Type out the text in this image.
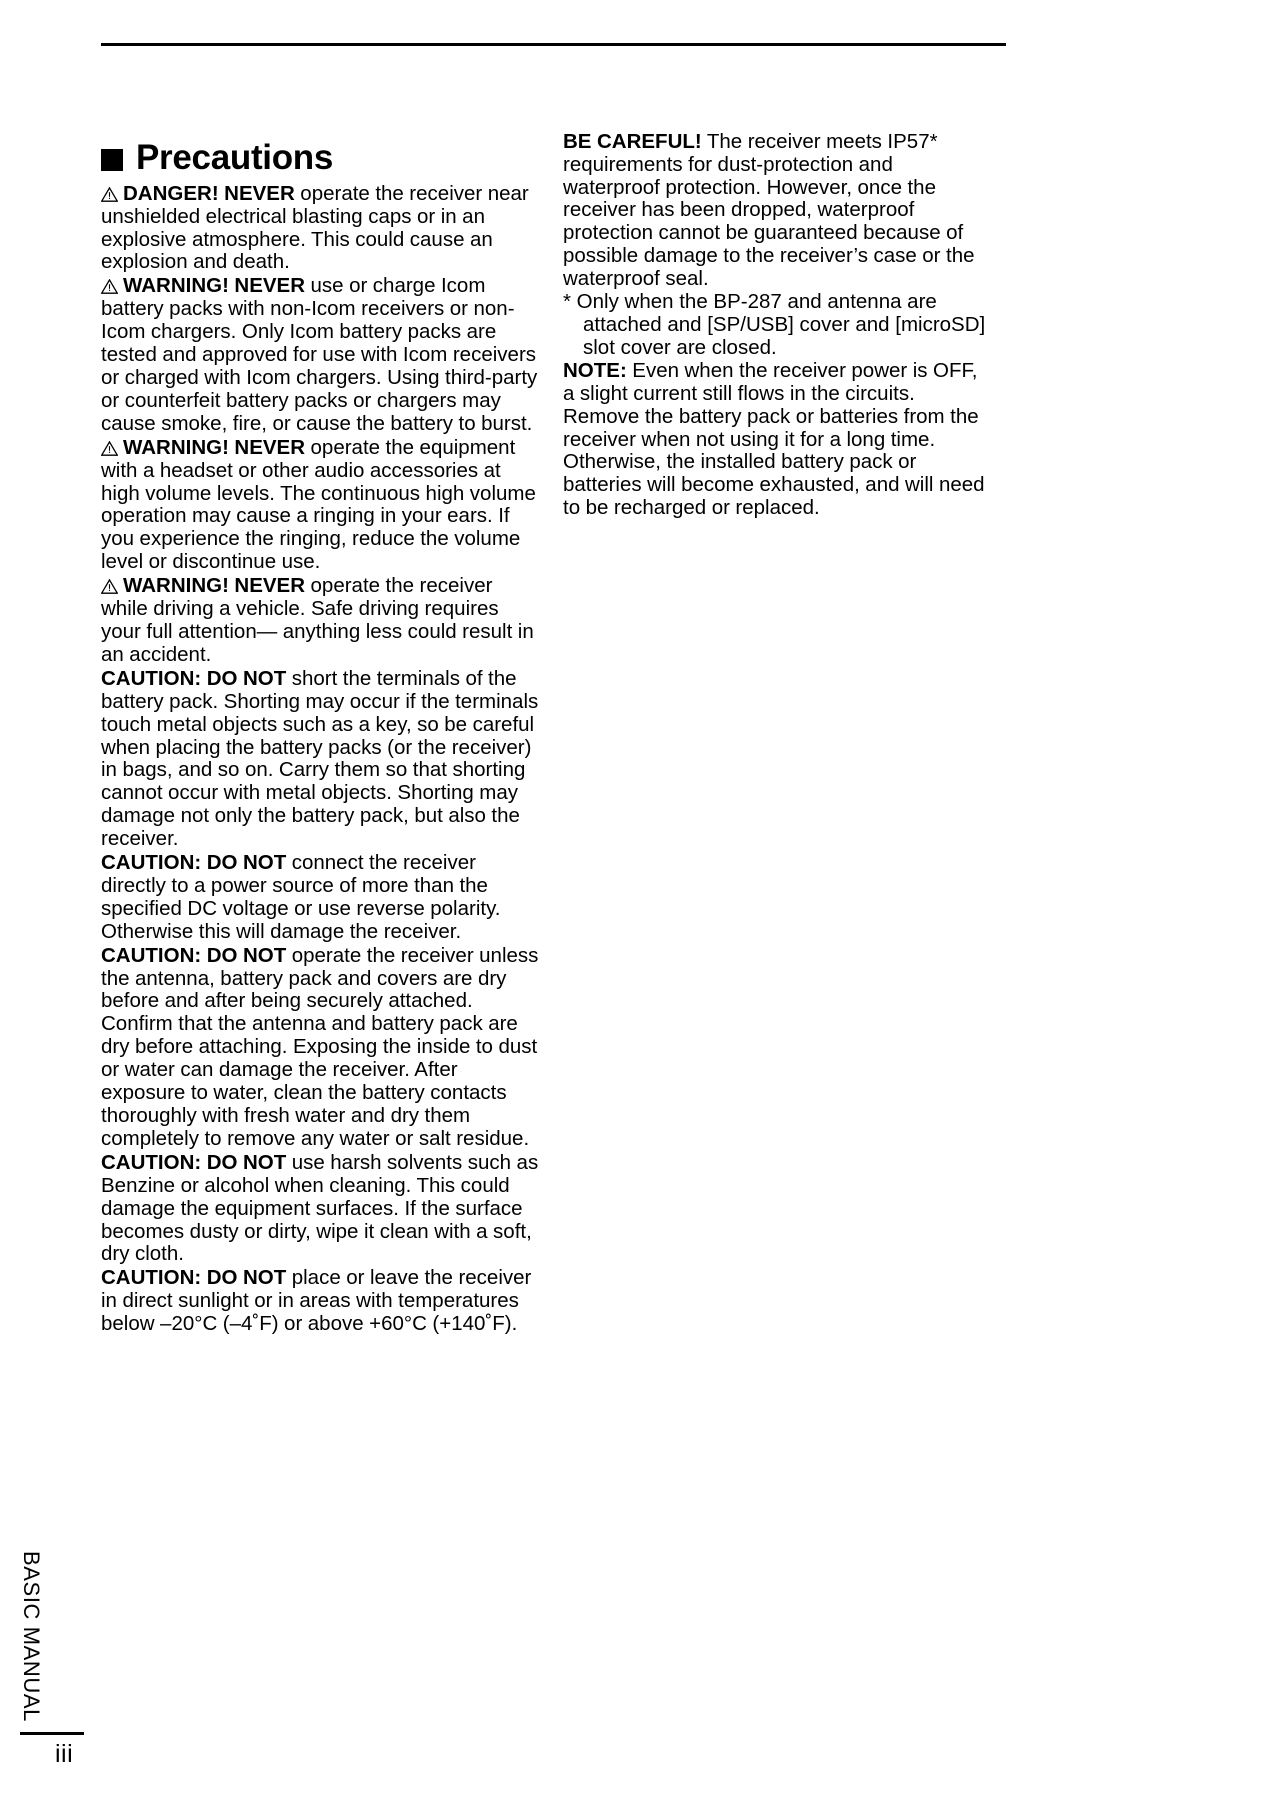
Precautions

DANGER! NEVER operate the receiver near unshielded electrical blasting caps or in an explosive atmosphere. This could cause an explosion and death.

WARNING! NEVER use or charge Icom battery packs with non-Icom receivers or non-Icom chargers. Only Icom battery packs are tested and approved for use with Icom receivers or charged with Icom chargers. Using third-party or counterfeit battery packs or chargers may cause smoke, fire, or cause the battery to burst.

WARNING! NEVER operate the equipment with a headset or other audio accessories at high volume levels. The continuous high volume operation may cause a ringing in your ears. If you experience the ringing, reduce the volume level or discontinue use.

WARNING! NEVER operate the receiver while driving a vehicle. Safe driving requires your full attention— anything less could result in an accident.

CAUTION: DO NOT short the terminals of the battery pack. Shorting may occur if the terminals touch metal objects such as a key, so be careful when placing the battery packs (or the receiver) in bags, and so on. Carry them so that shorting cannot occur with metal objects. Shorting may damage not only the battery pack, but also the receiver.

CAUTION: DO NOT connect the receiver directly to a power source of more than the specified DC voltage or use reverse polarity. Otherwise this will damage the receiver.

CAUTION: DO NOT operate the receiver unless the antenna, battery pack and covers are dry before and after being securely attached. Confirm that the antenna and battery pack are dry before attaching. Exposing the inside to dust or water can damage the receiver. After exposure to water, clean the battery contacts thoroughly with fresh water and dry them completely to remove any water or salt residue.

CAUTION: DO NOT use harsh solvents such as Benzine or alcohol when cleaning. This could damage the equipment surfaces. If the surface becomes dusty or dirty, wipe it clean with a soft, dry cloth.

CAUTION: DO NOT place or leave the receiver in direct sunlight or in areas with temperatures below –20°C (–4˚F) or above +60°C (+140˚F).

BE CAREFUL! The receiver meets IP57* requirements for dust-protection and waterproof protection. However, once the receiver has been dropped, waterproof protection cannot be guaranteed because of possible damage to the receiver’s case or the waterproof seal.

* Only when the BP-287 and antenna are attached and [SP/USB] cover and [microSD] slot cover are closed.

NOTE: Even when the receiver power is OFF, a slight current still flows in the circuits. Remove the battery pack or batteries from the receiver when not using it for a long time. Otherwise, the installed battery pack or batteries will become exhausted, and will need to be recharged or replaced.

BASIC MANUAL
iii
